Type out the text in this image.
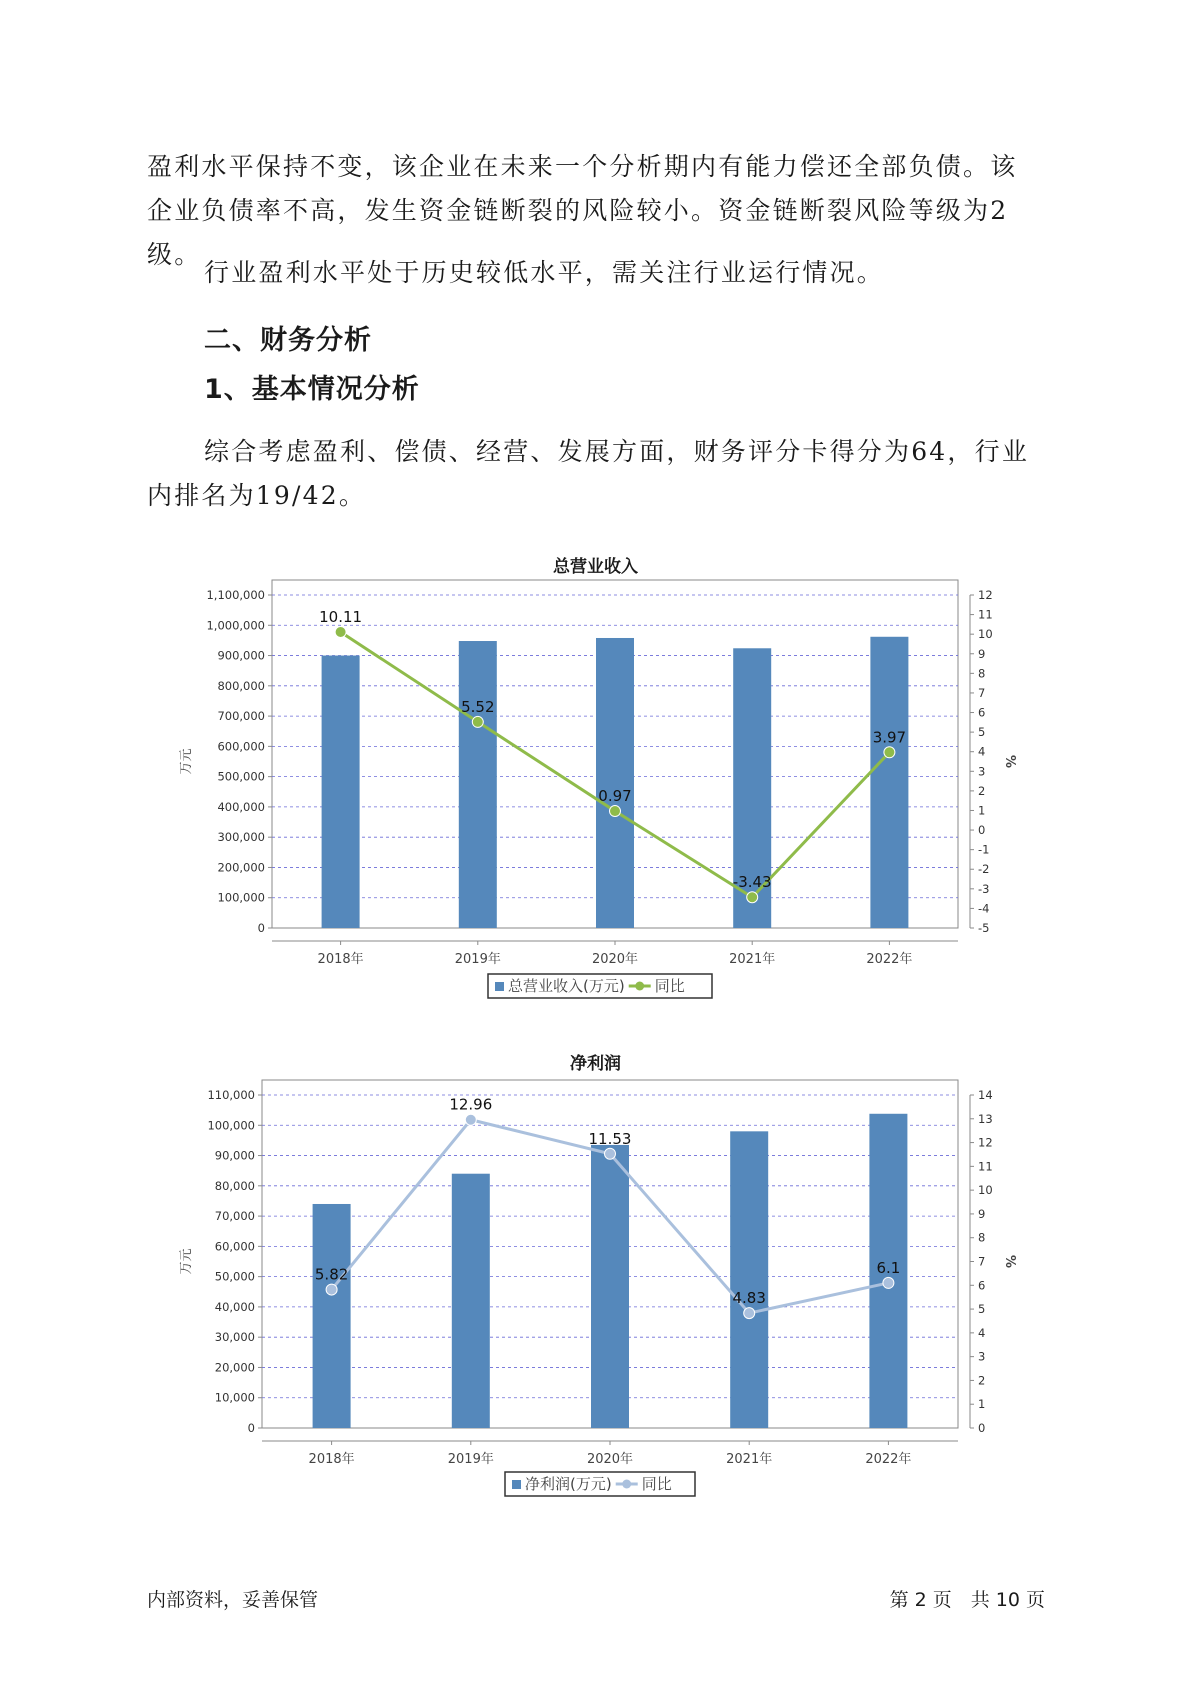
盈利水平保持不变，该企业在未来一个分析期内有能力偿还全部负债。该

企业负债率不高，发生资金链断裂的风险较小。资金链断裂风险等级为2级。

行业盈利水平处于历史较低水平，需关注行业运行情况。

二、财务分析
1、基本情况分析

综合考虑盈利、偿债、经营、发展方面，财务评分卡得分为64，行业

内排名为19/42。

总营业收入
0
100,000
200,000
300,000
400,000
500,000
600,000
700,000
800,000
900,000
1,000,000
1,100,000
-5
-4
-3
-2
-1
0
1
2
3
4
5
6
7
8
9
10
11
12
万元	%
2018年	2019年	2020年	2021年	2022年
10.11
5.52
0.97
-3.43
3.97
总营业收入(万元) 同比
净利润
0
10,000
20,000
30,000
40,000
50,000
60,000
70,000
80,000
90,000
100,000
110,000
0
1
2
3
4
5
6
7
8
9
10
11
12
13
14
万元	%
2018年	2019年	2020年	2021年	2022年
5.82
12.96
11.53
4.83
6.1
净利润(万元) 同比
内部资料，妥善保管	第 2 页　共 10 页
